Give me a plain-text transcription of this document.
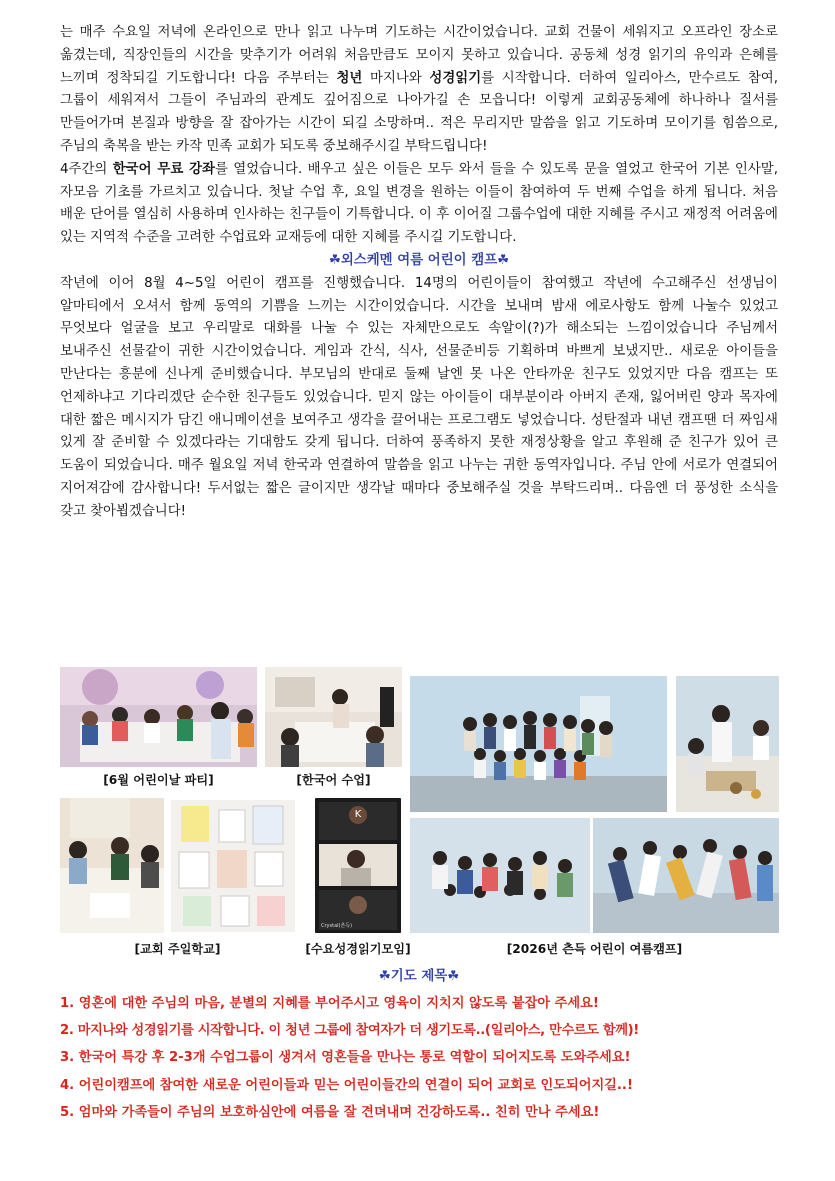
는 매주 수요일 저녁에 온라인으로 만나 읽고 나누며 기도하는 시간이었습니다. 교회 건물이 세워지고 오프라인 장소로 옮겼는데, 직장인들의 시간을 맞추기가 어려워 처음만큼도 모이지 못하고 있습니다. 공동체 성경 읽기의 유익과 은혜를 느끼며 정착되길 기도합니다! 다음 주부터는 청년 마지나와 성경읽기를 시작합니다. 더하여 일리아스, 만수르도 참여, 그룹이 세워져서 그들이 주님과의 관계도 깊어짐으로 나아가길 손 모읍니다! 이렇게 교회공동체에 하나하나 질서를 만들어가며 본질과 방향을 잘 잡아가는 시간이 되길 소망하며.. 적은 무리지만 말씀을 읽고 기도하며 모이기를 힘씀으로, 주님의 축복을 받는 카작 민족 교회가 되도록 중보해주시길 부탁드립니다!

4주간의 한국어 무료 강좌를 열었습니다. 배우고 싶은 이들은 모두 와서 들을 수 있도록 문을 열었고 한국어 기본 인사말, 자모음 기초를 가르치고 있습니다. 첫날 수업 후, 요일 변경을 원하는 이들이 참여하여 두 번째 수업을 하게 됩니다. 처음 배운 단어를 열심히 사용하며 인사하는 친구들이 기특합니다. 이 후 이어질 그룹수업에 대한 지혜를 주시고 재정적 어려움에 있는 지역적 수준을 고려한 수업료와 교재등에 대한 지혜를 주시길 기도합니다.

☘외스케멘 여름 어린이 캠프☘

작년에 이어 8월 4~5일 어린이 캠프를 진행했습니다. 14명의 어린이들이 참여했고 작년에 수고해주신 선생님이 알마티에서 오셔서 함께 동역의 기쁨을 느끼는 시간이었습니다. 시간을 보내며 밤새 에로사항도 함께 나눌수 있었고 무엇보다 얼굴을 보고 우리말로 대화를 나눌 수 있는 자체만으로도 속알이(?)가 해소되는 느낌이었습니다 주님께서 보내주신 선물같이 귀한 시간이었습니다. 게임과 간식, 식사, 선물준비등 기획하며 바쁘게 보냈지만.. 새로운 아이들을 만난다는 흥분에 신나게 준비했습니다. 부모님의 반대로 둘째 날엔 못 나온 안타까운 친구도 있었지만 다음 캠프는 또 언제하냐고 기다리겠단 순수한 친구들도 있었습니다. 믿지 않는 아이들이 대부분이라 아버지 존재, 잃어버린 양과 목자에 대한 짧은 메시지가 담긴 애니메이션을 보여주고 생각을 끌어내는 프로그램도 넣었습니다. 성탄절과 내년 캠프땐 더 짜임새 있게 잘 준비할 수 있겠다라는 기대함도 갖게 됩니다. 더하여 풍족하지 못한 재정상황을 알고 후원해 준 친구가 있어 큰 도움이 되었습니다. 매주 월요일 저녁 한국과 연결하여 말씀을 읽고 나누는 귀한 동역자입니다. 주님 안에 서로가 연결되어 지어져감에 감사합니다! 두서없는 짧은 글이지만 생각날 때마다 중보해주실 것을 부탁드리며.. 다음엔 더 풍성한 소식을 갖고 찾아뵙겠습니다!

K
Crystal(츤득)
[6월 어린이날 파티]	[한국어 수업]
[교회 주일학교]	[수요성경읽기모임]	[2026년 츤득 어린이 여름캠프]
☘기도 제목☘
1. 영혼에 대한 주님의 마음, 분별의 지혜를 부어주시고 영육이 지치지 않도록 붙잡아 주세요!
2. 마지나와 성경읽기를 시작합니다. 이 청년 그룹에 참여자가 더 생기도록..(일리아스, 만수르도 함께)!
3. 한국어 특강 후 2-3개 수업그룹이 생겨서 영혼들을 만나는 통로 역할이 되어지도록 도와주세요!
4. 어린이캠프에 참여한 새로운 어린이들과 믿는 어린이들간의 연결이 되어 교회로 인도되어지길..!
5. 엄마와 가족들이 주님의 보호하심안에 여름을 잘 견뎌내며 건강하도록.. 친히 만나 주세요!
